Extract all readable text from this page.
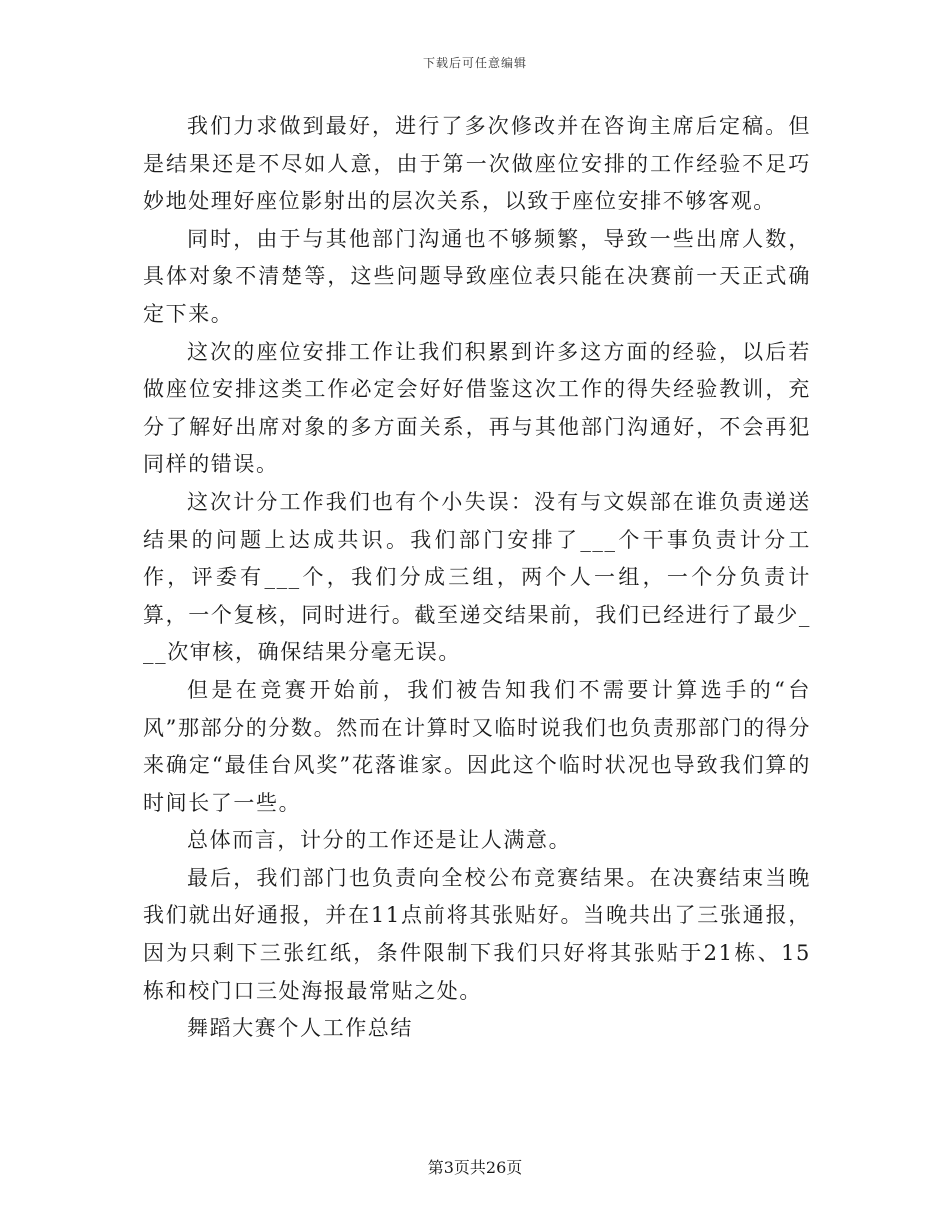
下载后可任意编辑

我们力求做到最好，进行了多次修改并在咨询主席后定稿。但是结果还是不尽如人意，由于第一次做座位安排的工作经验不足巧妙地处理好座位影射出的层次关系，以致于座位安排不够客观。

同时，由于与其他部门沟通也不够频繁，导致一些出席人数，具体对象不清楚等，这些问题导致座位表只能在决赛前一天正式确定下来。

这次的座位安排工作让我们积累到许多这方面的经验，以后若做座位安排这类工作必定会好好借鉴这次工作的得失经验教训，充分了解好出席对象的多方面关系，再与其他部门沟通好，不会再犯同样的错误。

这次计分工作我们也有个小失误：没有与文娱部在谁负责递送结果的问题上达成共识。我们部门安排了___个干事负责计分工作，评委有___个，我们分成三组，两个人一组，一个分负责计算，一个复核，同时进行。截至递交结果前，我们已经进行了最少___次审核，确保结果分毫无误。

但是在竞赛开始前，我们被告知我们不需要计算选手的“台风”那部分的分数。然而在计算时又临时说我们也负责那部门的得分来确定“最佳台风奖”花落谁家。因此这个临时状况也导致我们算的时间长了一些。

总体而言，计分的工作还是让人满意。

最后，我们部门也负责向全校公布竞赛结果。在决赛结束当晚我们就出好通报，并在11点前将其张贴好。当晚共出了三张通报，因为只剩下三张红纸，条件限制下我们只好将其张贴于21栋、15栋和校门口三处海报最常贴之处。

舞蹈大赛个人工作总结

第3页共26页
